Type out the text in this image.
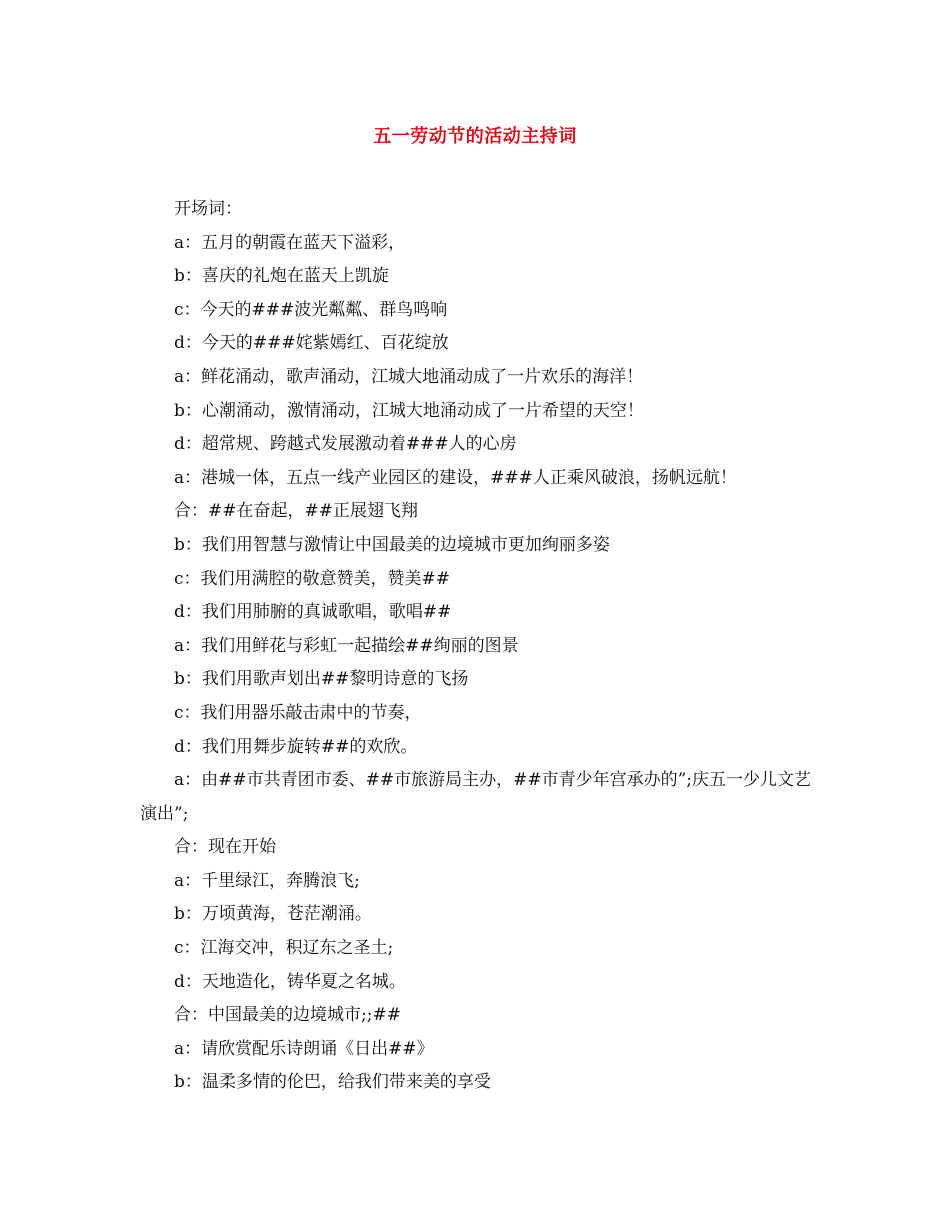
五一劳动节的活动主持词

开场词：

a：五月的朝霞在蓝天下溢彩，

b：喜庆的礼炮在蓝天上凯旋

c：今天的###波光粼粼、群鸟鸣响

d：今天的###姹紫嫣红、百花绽放

a：鲜花涌动，歌声涌动，江城大地涌动成了一片欢乐的海洋！

b：心潮涌动，激情涌动，江城大地涌动成了一片希望的天空！

d：超常规、跨越式发展激动着###人的心房

a：港城一体，五点一线产业园区的建设，###人正乘风破浪，扬帆远航！

合：##在奋起，##正展翅飞翔

b：我们用智慧与激情让中国最美的边境城市更加绚丽多姿

c：我们用满腔的敬意赞美，赞美##

d：我们用肺腑的真诚歌唱，歌唱##

a：我们用鲜花与彩虹一起描绘##绚丽的图景

b：我们用歌声划出##黎明诗意的飞扬

c：我们用器乐敲击肃中的节奏，

d：我们用舞步旋转##的欢欣。

a：由##市共青团市委、##市旅游局主办，##市青少年宫承办的”;庆五一少儿文艺演出”;

合：现在开始

a：千里绿江，奔腾浪飞;

b：万顷黄海，苍茫潮涌。

c：江海交冲，积辽东之圣土;

d：天地造化，铸华夏之名城。

合：中国最美的边境城市;;##

a：请欣赏配乐诗朗诵《日出##》

b：温柔多情的伦巴，给我们带来美的享受
